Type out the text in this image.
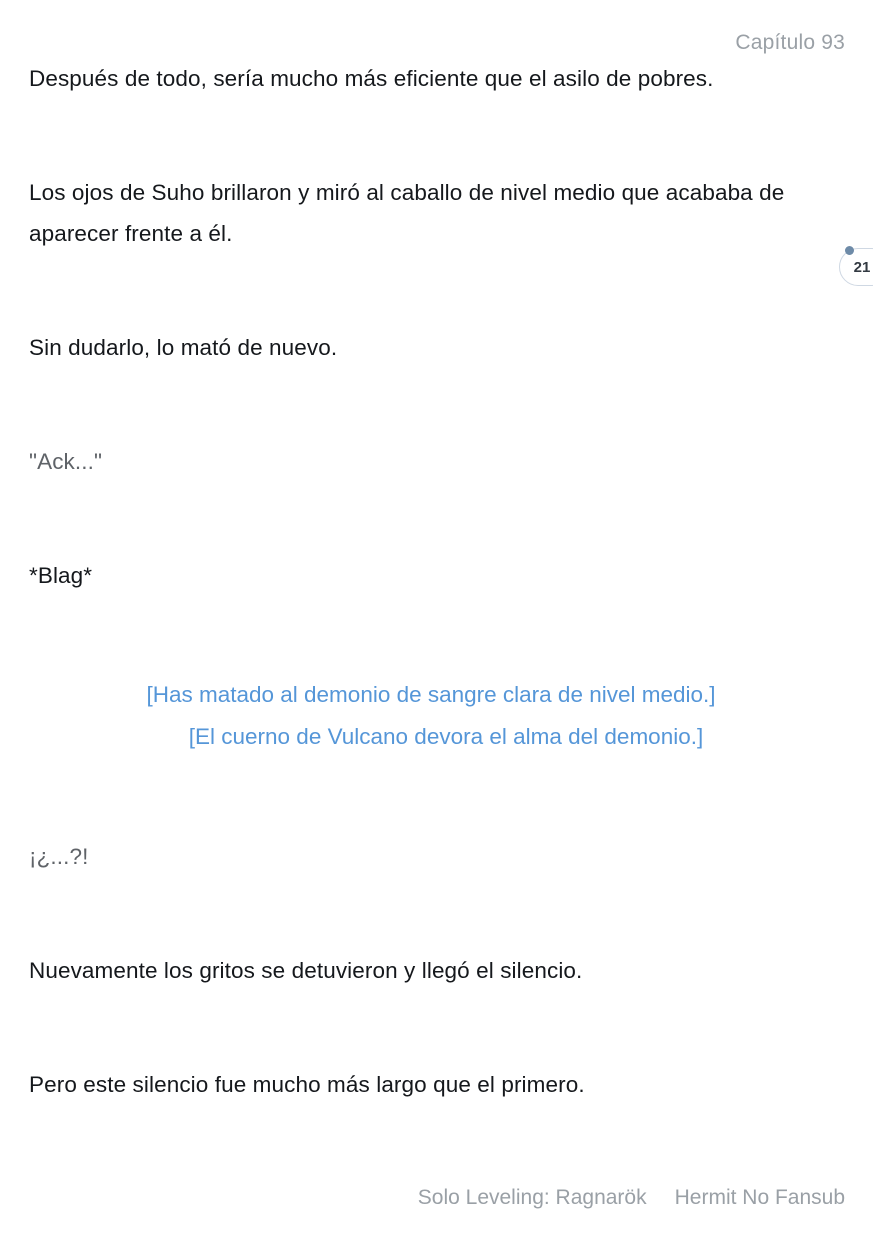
Capítulo 93
21

Después de todo, sería mucho más eficiente que el asilo de pobres.

Los ojos de Suho brillaron y miró al caballo de nivel medio que acababa de aparecer frente a él.

Sin dudarlo, lo mató de nuevo.

"Ack..."

*Blag*

[Has matado al demonio de sangre clara de nivel medio.]
[El cuerno de Vulcano devora el alma del demonio.]

¡¿...?!

Nuevamente los gritos se detuvieron y llegó el silencio.

Pero este silencio fue mucho más largo que el primero.

Solo Leveling: Ragnarök Hermit No Fansub
